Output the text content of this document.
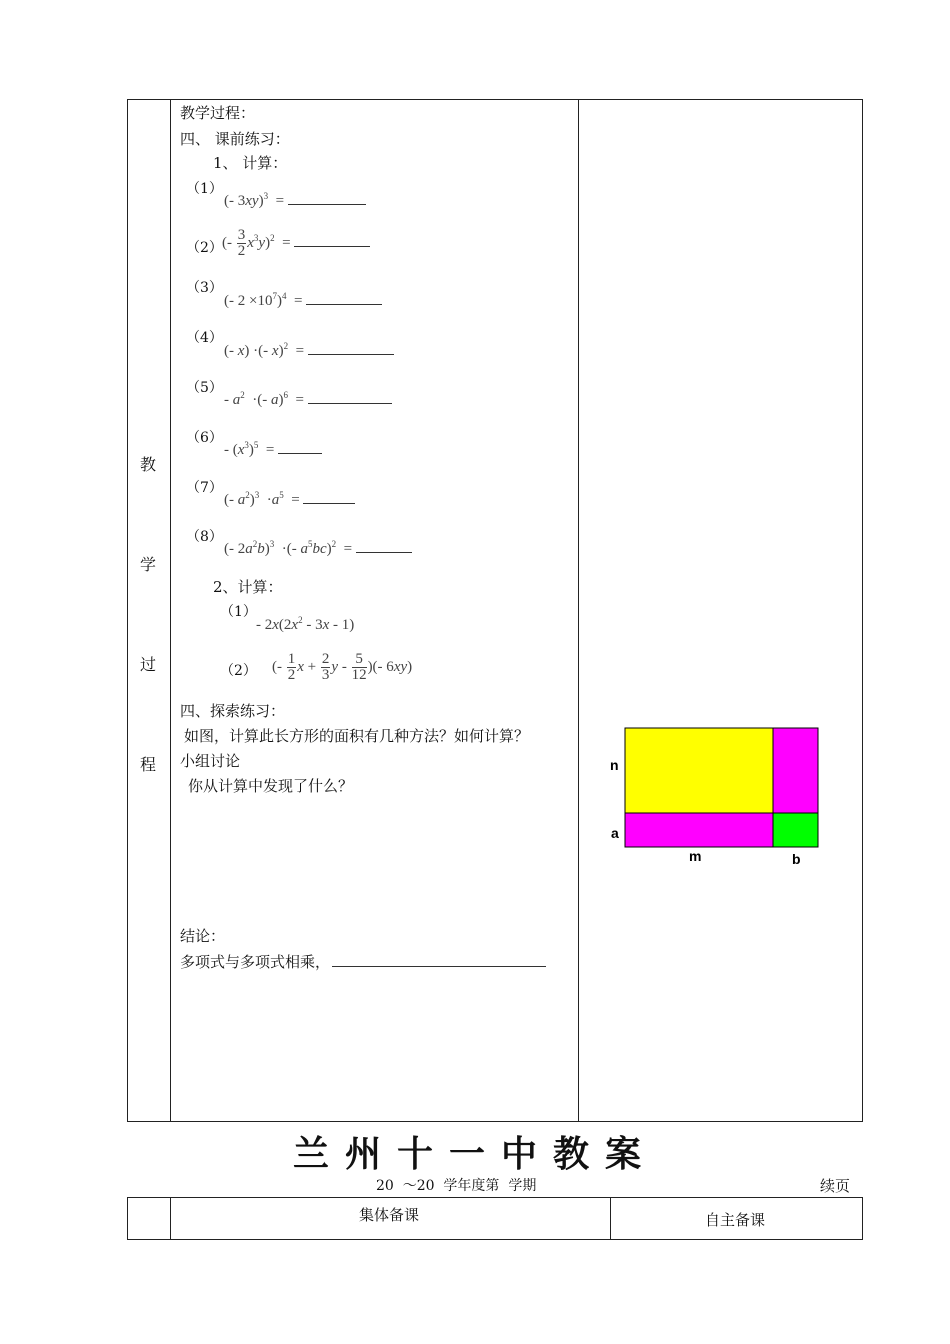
教
学
过
程
教学过程：
四、 课前练习：
1、 计算：
（1）
(- 3xy)$^3$  =
（2） (- $\frac{3}{2} x^3y)^2$  =
（3）
(- $2 \times 10^7)^4$  =
（4）
(- x) ·(- x)$^2$  =
（5）
- $a^2$  ·(- a)$^6$  =
（6）
- $(x^3)^5$  =
（7）
(- $a^2)^3 \cdot a^5$  =
（8）
(- $2a^2b)^3$  ·(- $a^5bc)^2$  =
2、计算：
（1）
- $2x(2x^2 - 3x - 1)$
（2） (- $\frac{1}{2}$ $x + \frac{2}{3}$ y - $\frac{5}{12}$ )(- 6xy)
四、探索练习：
如图，计算此长方形的面积有几种方法？如何计算？
小组讨论
你从计算中发现了什么？
结论：
多项式与多项式相乘，
n
a
m	b
兰州十一中教案
20  ～20  学年度第  学期	续页
集体备课	自主备课
